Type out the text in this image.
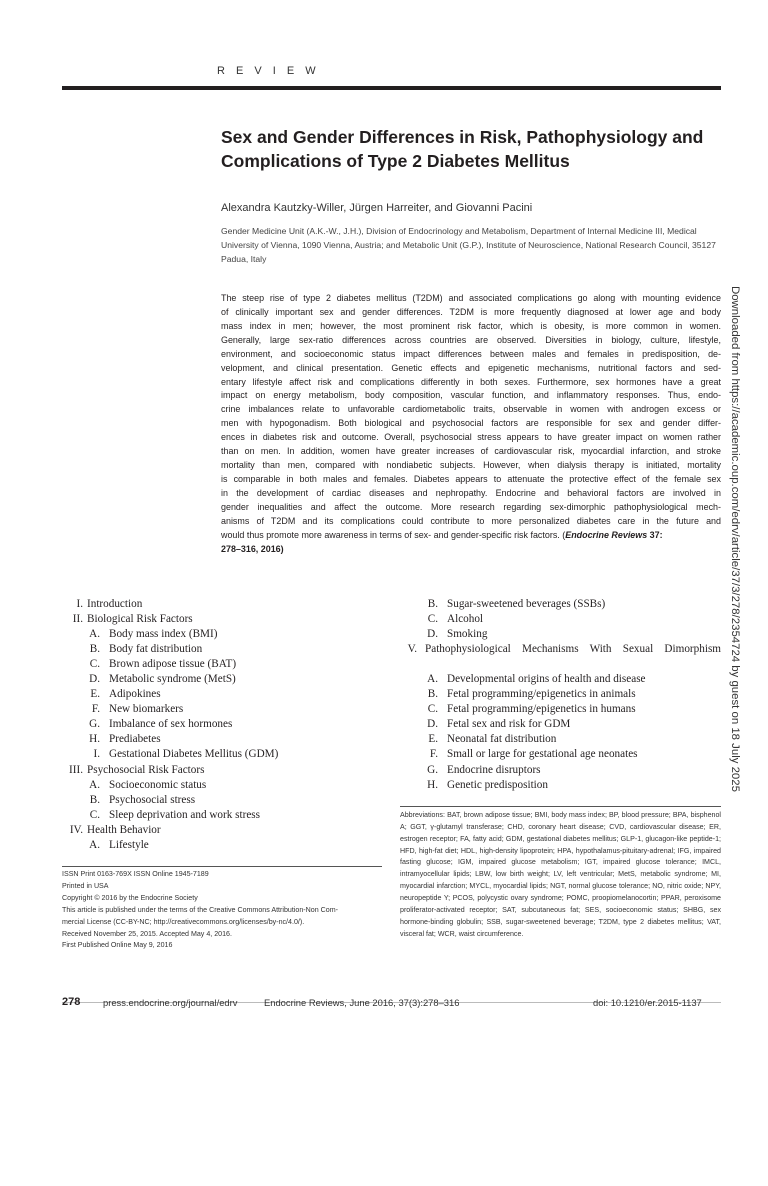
R E V I E W
Sex and Gender Differences in Risk, Pathophysiology and Complications of Type 2 Diabetes Mellitus
Alexandra Kautzky-Willer, Jürgen Harreiter, and Giovanni Pacini
Gender Medicine Unit (A.K.-W., J.H.), Division of Endocrinology and Metabolism, Department of Internal Medicine III, Medical University of Vienna, 1090 Vienna, Austria; and Metabolic Unit (G.P.), Institute of Neuroscience, National Research Council, 35127 Padua, Italy
The steep rise of type 2 diabetes mellitus (T2DM) and associated complications go along with mounting evidence
of clinically important sex and gender differences. T2DM is more frequently diagnosed at lower age and body
mass index in men; however, the most prominent risk factor, which is obesity, is more common in women.
Generally, large sex-ratio differences across countries are observed. Diversities in biology, culture, lifestyle,
environment, and socioeconomic status impact differences between males and females in predisposition, de-
velopment, and clinical presentation. Genetic effects and epigenetic mechanisms, nutritional factors and sed-
entary lifestyle affect risk and complications differently in both sexes. Furthermore, sex hormones have a great
impact on energy metabolism, body composition, vascular function, and inflammatory responses. Thus, endo-
crine imbalances relate to unfavorable cardiometabolic traits, observable in women with androgen excess or
men with hypogonadism. Both biological and psychosocial factors are responsible for sex and gender differ-
ences in diabetes risk and outcome. Overall, psychosocial stress appears to have greater impact on women rather
than on men. In addition, women have greater increases of cardiovascular risk, myocardial infarction, and stroke
mortality than men, compared with nondiabetic subjects. However, when dialysis therapy is initiated, mortality
is comparable in both males and females. Diabetes appears to attenuate the protective effect of the female sex
in the development of cardiac diseases and nephropathy. Endocrine and behavioral factors are involved in
gender inequalities and affect the outcome. More research regarding sex-dimorphic pathophysiological mech-
anisms of T2DM and its complications could contribute to more personalized diabetes care in the future and
would thus promote more awareness in terms of sex- and gender-specific risk factors. (Endocrine Reviews 37:
278–316, 2016)
I. Introduction
II. Biological Risk Factors
A. Body mass index (BMI)
B. Body fat distribution
C. Brown adipose tissue (BAT)
D. Metabolic syndrome (MetS)
E. Adipokines
F. New biomarkers
G. Imbalance of sex hormones
H. Prediabetes
I. Gestational Diabetes Mellitus (GDM)
III. Psychosocial Risk Factors
A. Socioeconomic status
B. Psychosocial stress
C. Sleep deprivation and work stress
IV. Health Behavior
A. Lifestyle
B. Sugar-sweetened beverages (SSBs)
C. Alcohol
D. Smoking
V. Pathophysiological Mechanisms With Sexual Dimorphism
A. Developmental origins of health and disease
B. Fetal programming/epigenetics in animals
C. Fetal programming/epigenetics in humans
D. Fetal sex and risk for GDM
E. Neonatal fat distribution
F. Small or large for gestational age neonates
G. Endocrine disruptors
H. Genetic predisposition
Abbreviations: BAT, brown adipose tissue; BMI, body mass index; BP, blood pressure; BPA, bisphenol A; GGT, γ-glutamyl transferase; CHD, coronary heart disease; CVD, cardiovascular disease; ER, estrogen receptor; FA, fatty acid; GDM, gestational diabetes mellitus; GLP-1, glucagon-like peptide-1; HFD, high-fat diet; HDL, high-density lipoprotein; HPA, hypothalamus-pituitary-adrenal; IFG, impaired fasting glucose; IGM, impaired glucose metabolism; IGT, impaired glucose tolerance; IMCL, intramyocellular lipids; LBW, low birth weight; LV, left ventricular; MetS, metabolic syndrome; MI, myocardial infarction; MYCL, myocardial lipids; NGT, normal glucose tolerance; NO, nitric oxide; NPY, neuropeptide Y; PCOS, polycystic ovary syndrome; POMC, proopiomelanocortin; PPAR, peroxisome proliferator-activated receptor; SAT, subcutaneous fat; SES, socioeconomic status; SHBG, sex hormone-binding globulin; SSB, sugar-sweetened beverage; T2DM, type 2 diabetes mellitus; VAT, visceral fat; WCR, waist circumference.
ISSN Print 0163-769X ISSN Online 1945-7189
Printed in USA
Copyright © 2016 by the Endocrine Society
This article is published under the terms of the Creative Commons Attribution-Non Com-
mercial License (CC-BY-NC; http://creativecommons.org/licenses/by-nc/4.0/).
Received November 25, 2015. Accepted May 4, 2016.
First Published Online May 9, 2016
278 press.endocrine.org/journal/edrv	Endocrine Reviews, June 2016, 37(3):278–316	doi: 10.1210/er.2015-1137
Downloaded from https://academic.oup.com/edrv/article/37/3/278/2354724 by guest on 18 July 2025
